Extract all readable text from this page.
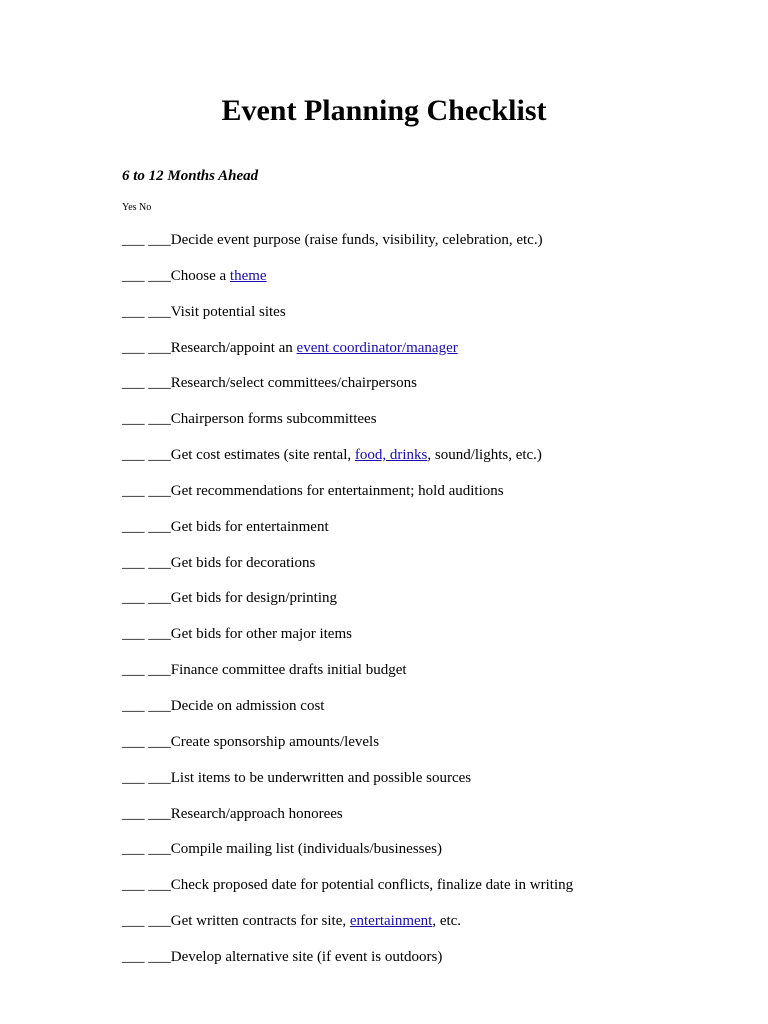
Event Planning Checklist
6 to 12 Months Ahead
Yes No
___ ___Decide event purpose (raise funds, visibility, celebration, etc.)
___ ___Choose a theme
___ ___Visit potential sites
___ ___Research/appoint an event coordinator/manager
___ ___Research/select committees/chairpersons
___ ___Chairperson forms subcommittees
___ ___Get cost estimates (site rental, food, drinks, sound/lights, etc.)
___ ___Get recommendations for entertainment; hold auditions
___ ___Get bids for entertainment
___ ___Get bids for decorations
___ ___Get bids for design/printing
___ ___Get bids for other major items
___ ___Finance committee drafts initial budget
___ ___Decide on admission cost
___ ___Create sponsorship amounts/levels
___ ___List items to be underwritten and possible sources
___ ___Research/approach honorees
___ ___Compile mailing list (individuals/businesses)
___ ___Check proposed date for potential conflicts, finalize date in writing
___ ___Get written contracts for site, entertainment, etc.
___ ___Develop alternative site (if event is outdoors)
